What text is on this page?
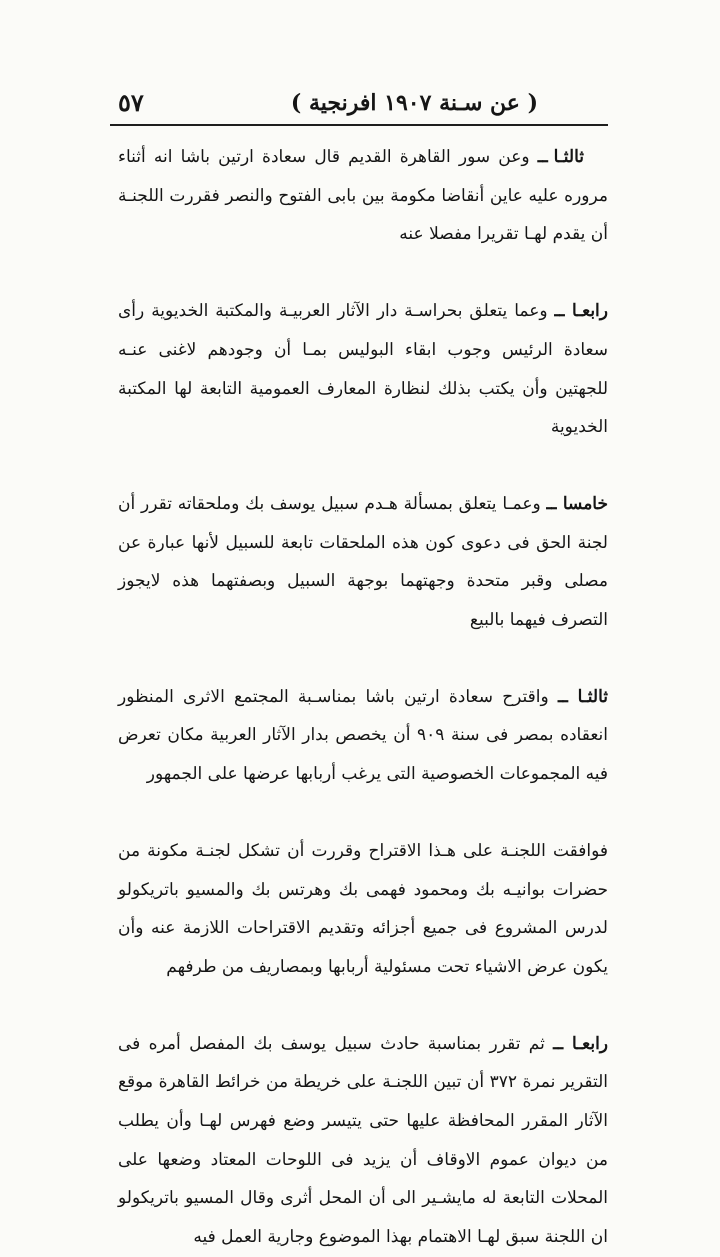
٥٧	( عن سـنة ١٩٠٧ افرنجية )

ثالثـا ــ وعن سور القاهرة القديم قال سعادة ارتين باشا انه أثناء مروره عليه عاين أنقاضا مكومة بين بابى الفتوح والنصر فقررت اللجنـة أن يقدم لهـا تقريرا مفصلا عنه

رابعـا ــ وعما يتعلق بحراسـة دار الآثار العربيـة والمكتبة الخديوية رأى سعادة الرئيس وجوب ابقاء البوليس بمـا أن وجودهم لاغنى عنـه للجهتين وأن يكتب بذلك لنظارة المعارف العمومية التابعة لها المكتبة الخديوية

خامسا ــ وعمـا يتعلق بمسألة هـدم سبيل يوسف بك وملحقاته تقرر أن لجنة الحق فى دعوى كون هذه الملحقات تابعة للسبيل لأنها عبارة عن مصلى وقبر متحدة وجهتهما بوجهة السبيل وبصفتهما هذه لايجوز التصرف فيهما بالبيع

ثالثـا ــ واقترح سعادة ارتين باشا بمناسـبة المجتمع الاثرى المنظور انعقاده بمصر فى سنة ٩٠٩ أن يخصص بدار الآثار العربية مكان تعرض فيه المجموعات الخصوصية التى يرغب أربابها عرضها على الجمهور

فوافقت اللجنـة على هـذا الاقتراح وقررت أن تشكل لجنـة مكونة من حضرات بوانيـه بك ومحمود فهمى بك وهرتس بك والمسيو باتريكولو لدرس المشروع فى جميع أجزائه وتقديم الاقتراحات اللازمة عنه وأن يكون عرض الاشياء تحت مسئولية أربابها وبمصاريف من طرفهم

رابعـا ــ ثم تقرر بمناسبة حادث سبيل يوسف بك المفصل أمره فى التقرير نمرة ٣٧٢ أن تبين اللجنـة على خريطة من خرائط القاهرة موقع الآثار المقرر المحافظة عليها حتى يتيسر وضع فهرس لهـا وأن يطلب من ديوان عموم الاوقاف أن يزيد فى اللوحات المعتاد وضعها على المحلات التابعة له مايشـير الى أن المحل أثرى وقال المسيو باتريكولو ان اللجنة سبق لهـا الاهتمام بهذا الموضوع وجارية العمل فيه
